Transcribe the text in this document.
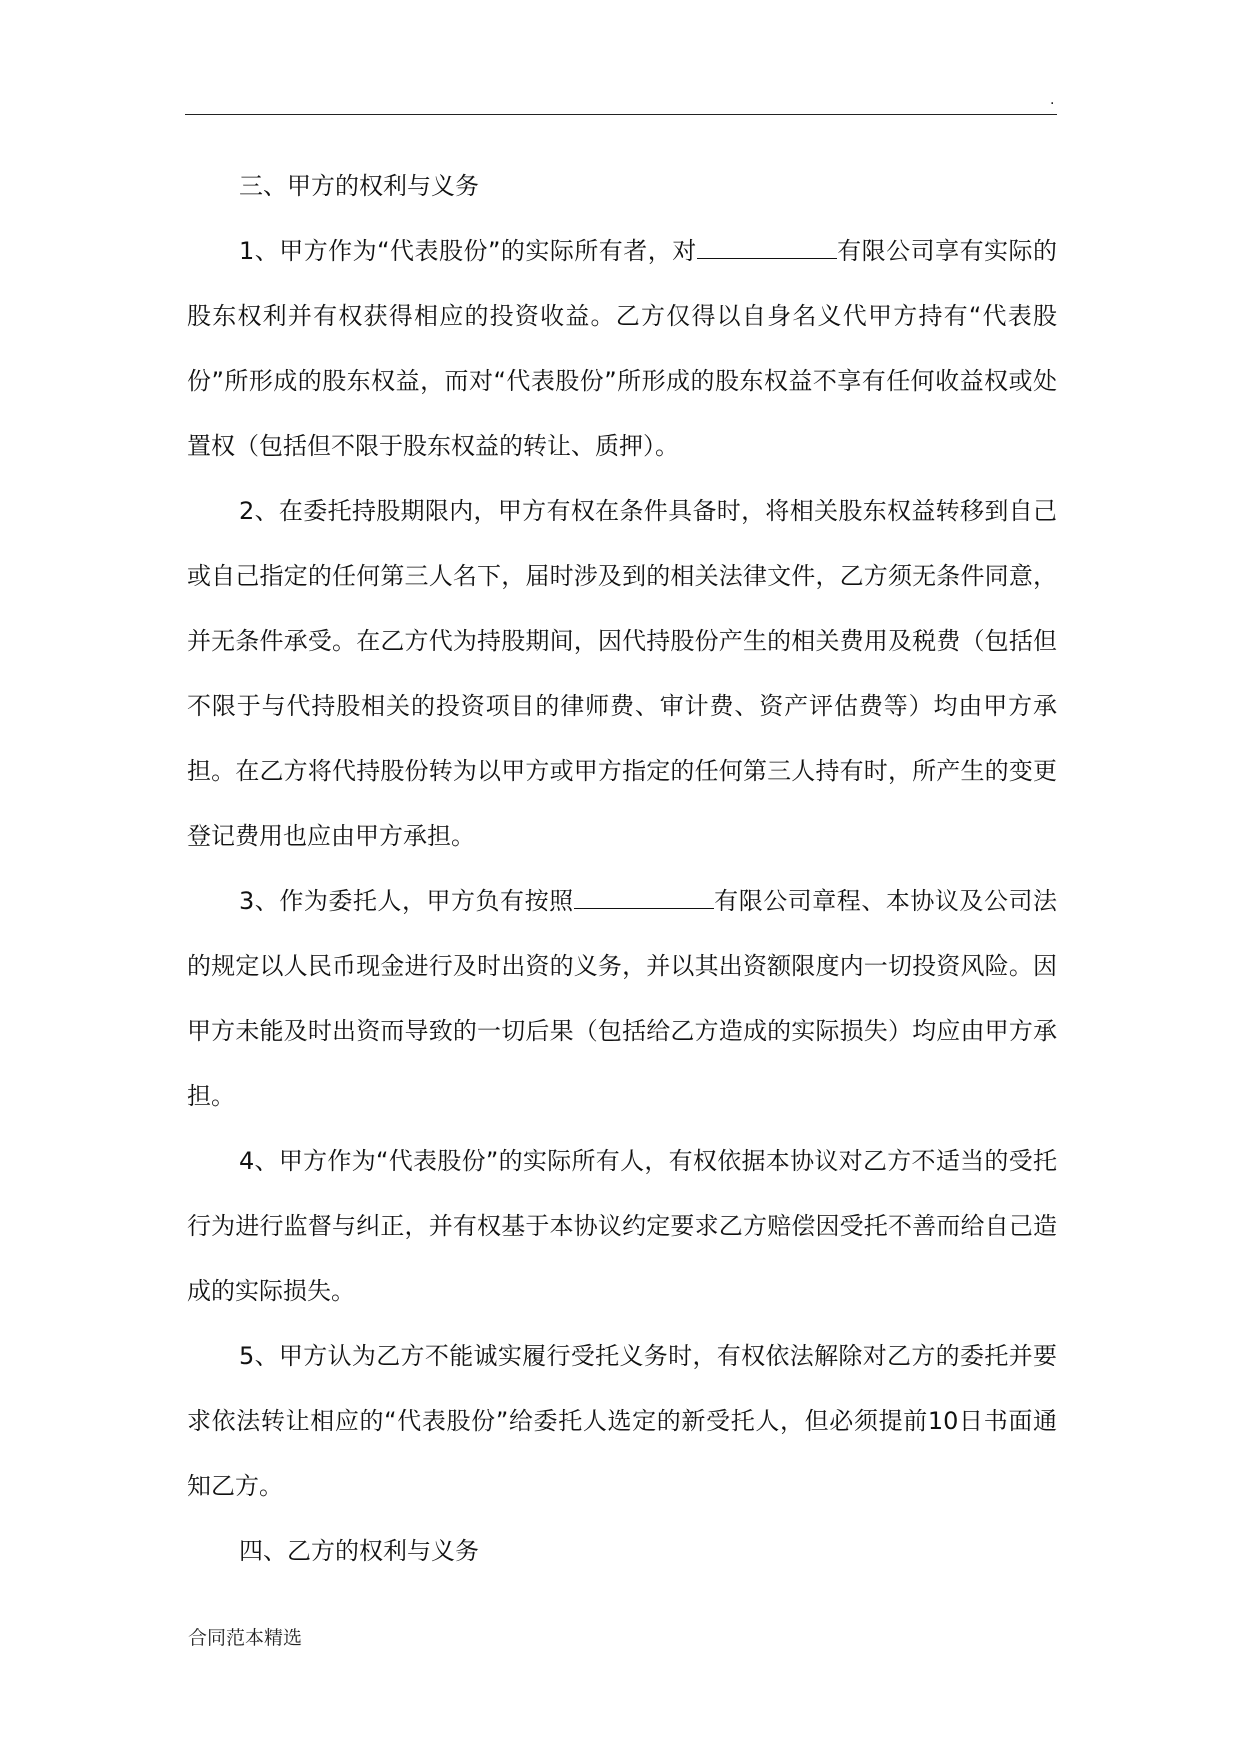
.

三、甲方的权利与义务

1、甲方作为“代表股份”的实际所有者，对	有限公司享有实际的股东权利并有权获得相应的投资收益。乙方仅得以自身名义代甲方持有“代表股份”所形成的股东权益，而对“代表股份”所形成的股东权益不享有任何收益权或处置权（包括但不限于股东权益的转让、质押）。

2、在委托持股期限内，甲方有权在条件具备时，将相关股东权益转移到自己或自己指定的任何第三人名下，届时涉及到的相关法律文件，乙方须无条件同意，并无条件承受。在乙方代为持股期间，因代持股份产生的相关费用及税费（包括但不限于与代持股相关的投资项目的律师费、审计费、资产评估费等）均由甲方承担。在乙方将代持股份转为以甲方或甲方指定的任何第三人持有时，所产生的变更登记费用也应由甲方承担。

3、作为委托人，甲方负有按照	有限公司章程、本协议及公司法的规定以人民币现金进行及时出资的义务，并以其出资额限度内一切投资风险。因甲方未能及时出资而导致的一切后果（包括给乙方造成的实际损失）均应由甲方承担。

4、甲方作为“代表股份”的实际所有人，有权依据本协议对乙方不适当的受托行为进行监督与纠正，并有权基于本协议约定要求乙方赔偿因受托不善而给自己造成的实际损失。

5、甲方认为乙方不能诚实履行受托义务时，有权依法解除对乙方的委托并要求依法转让相应的“代表股份”给委托人选定的新受托人，但必须提前10日书面通知乙方。

四、乙方的权利与义务

合同范本精选
